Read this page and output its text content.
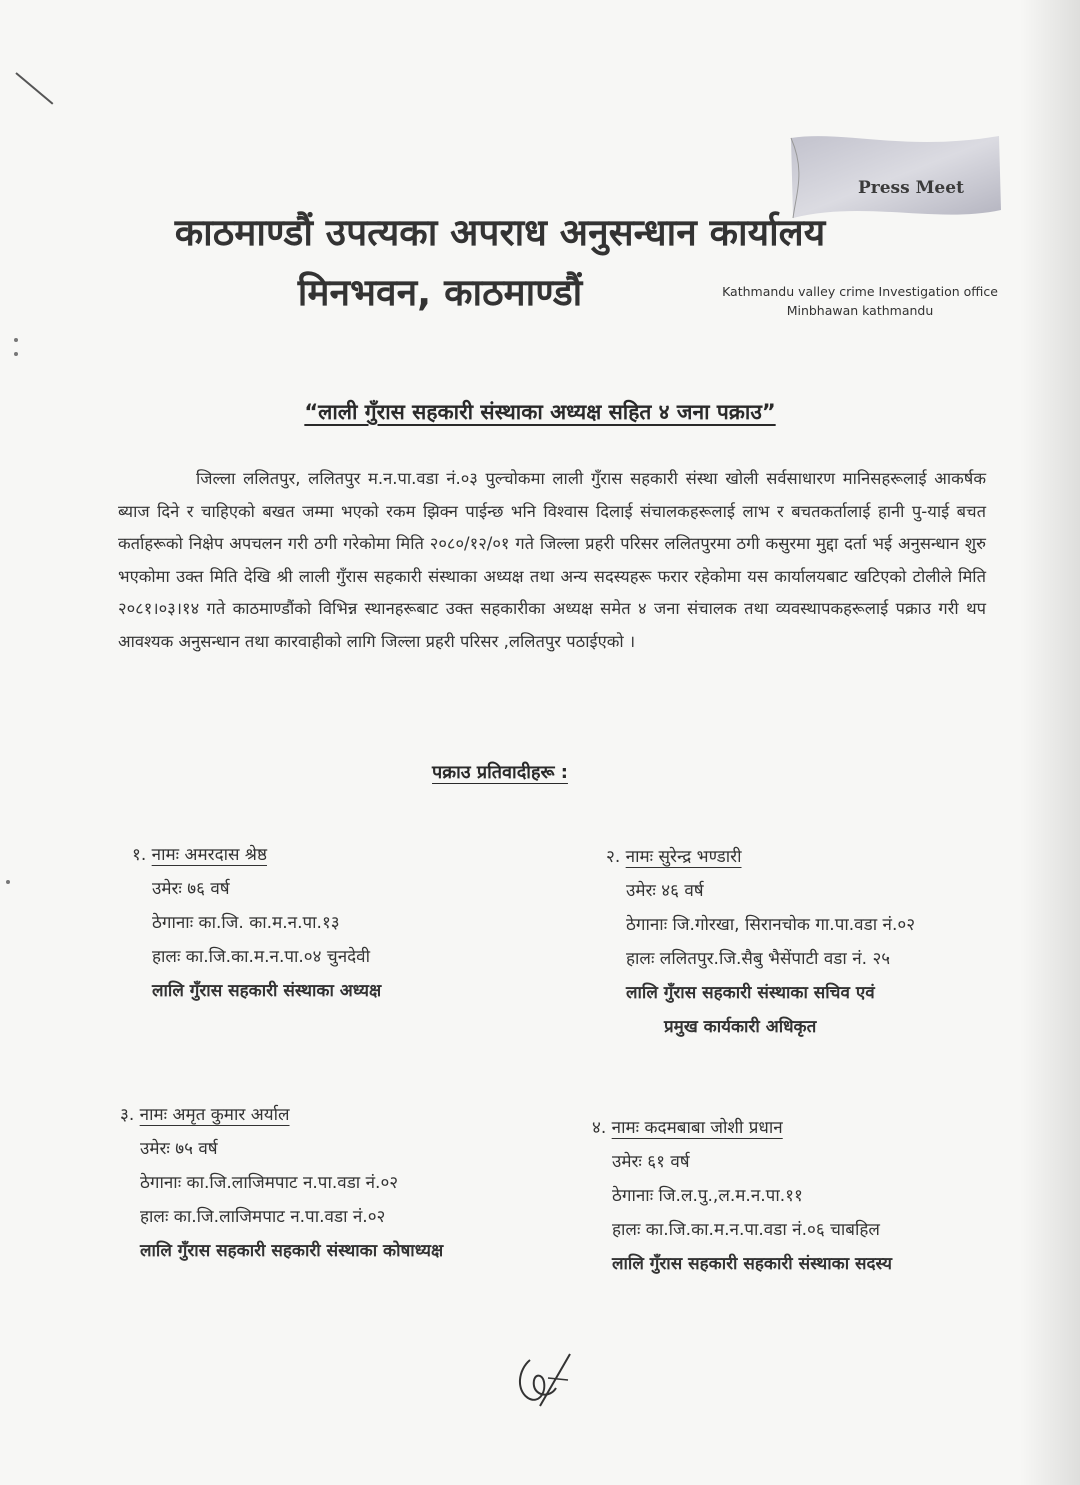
Press Meet
काठमाण्डौं उपत्यका अपराध अनुसन्धान कार्यालय
मिनभवन, काठमाण्डौं	Kathmandu valley crime Investigation office
Minbhawan kathmandu
“लाली गुँरास सहकारी संस्थाका अध्यक्ष सहित ४ जना पक्राउ”
जिल्ला ललितपुर, ललितपुर म.न.पा.वडा नं.०३ पुल्चोकमा लाली गुँरास सहकारी संस्था खोली सर्वसाधारण मानिसहरूलाई आकर्षक ब्याज दिने र चाहिएको बखत जम्मा भएको रकम झिक्न पाईन्छ भनि विश्वास दिलाई संचालकहरूलाई लाभ र बचतकर्तालाई हानी पु-याई बचत कर्ताहरूको निक्षेप अपचलन गरी ठगी गरेकोमा मिति २०८०/१२/०१ गते जिल्ला प्रहरी परिसर ललितपुरमा ठगी कसुरमा मुद्दा दर्ता भई अनुसन्धान शुरु भएकोमा उक्त मिति देखि श्री लाली गुँरास सहकारी संस्थाका अध्यक्ष तथा अन्य सदस्यहरू फरार रहेकोमा यस कार्यालयबाट खटिएको टोलीले मिति २०८१।०३।१४ गते काठमाण्डौंको विभिन्न स्थानहरूबाट उक्त सहकारीका अध्यक्ष समेत ४ जना संचालक तथा व्यवस्थापकहरूलाई पक्राउ गरी थप आवश्यक अनुसन्धान तथा कारवाहीको लागि जिल्ला प्रहरी परिसर ,ललितपुर पठाईएको ।
पक्राउ प्रतिवादीहरू :
१. नामः अमरदास श्रेष्ठ
उमेरः ७६ वर्ष
ठेगानाः का.जि. का.म.न.पा.१३
हालः का.जि.का.म.न.पा.०४ चुनदेवी
लालि गुँरास सहकारी संस्थाका अध्यक्ष
२. नामः सुरेन्द्र भण्डारी
उमेरः ४६ वर्ष
ठेगानाः जि.गोरखा, सिरानचोक गा.पा.वडा नं.०२
हालः ललितपुर.जि.सैबु भैसेंपाटी वडा नं. २५
लालि गुँरास सहकारी संस्थाका सचिव एवं
प्रमुख कार्यकारी अधिकृत
३. नामः अमृत कुमार अर्याल
उमेरः ७५ वर्ष
ठेगानाः का.जि.लाजिमपाट न.पा.वडा नं.०२
हालः का.जि.लाजिमपाट न.पा.वडा नं.०२
लालि गुँरास सहकारी सहकारी संस्थाका कोषाध्यक्ष
४. नामः कदमबाबा जोशी प्रधान
उमेरः ६१ वर्ष
ठेगानाः जि.ल.पु.,ल.म.न.पा.११
हालः का.जि.का.म.न.पा.वडा नं.०६ चाबहिल
लालि गुँरास सहकारी सहकारी संस्थाका सदस्य
